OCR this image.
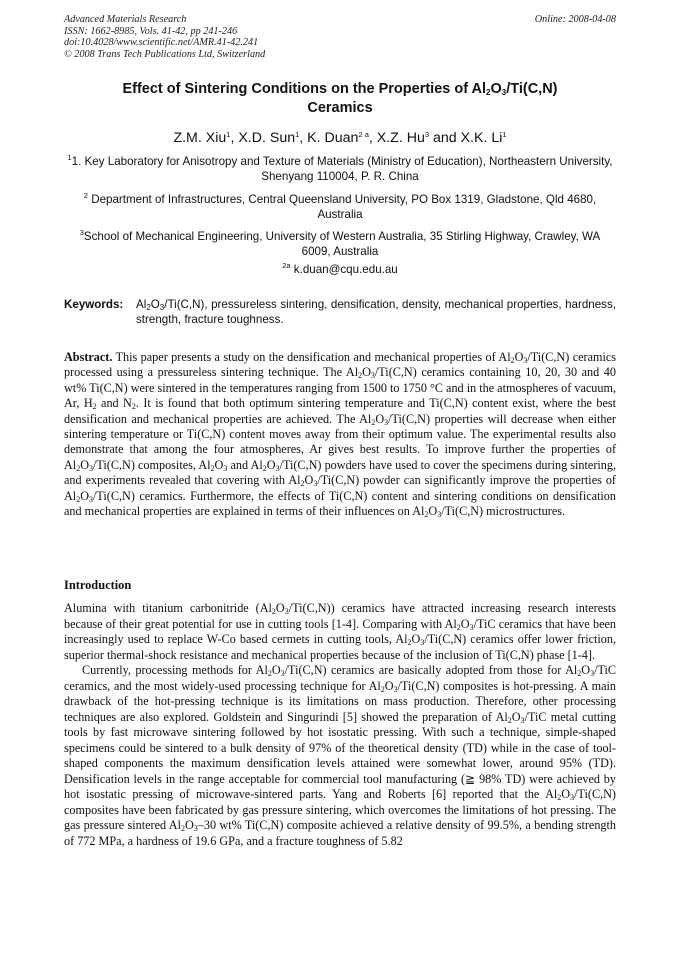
Advanced Materials Research
ISSN: 1662-8985, Vols. 41-42, pp 241-246
doi:10.4028/www.scientific.net/AMR.41-42.241
© 2008 Trans Tech Publications Ltd, Switzerland
Online: 2008-04-08
Effect of Sintering Conditions on the Properties of $Al_2O_3/Ti(C,N)$
Ceramics
Z.M. Xiu$^1$, X.D. Sun$^1$, K. Duan$^{2 a}$, X.Z. Hu$^3$ and X.K. Li$^1$
$^1$1. Key Laboratory for Anisotropy and Texture of Materials (Ministry of Education), Northeastern University, Shenyang 110004, P. R. China
$^2$ Department of Infrastructures, Central Queensland University, PO Box 1319, Gladstone, Qld 4680, Australia
$^3$School of Mechanical Engineering, University of Western Australia, 35 Stirling Highway, Crawley, WA 6009, Australia
$^{2a}$ k.duan@cqu.edu.au
Keywords: $Al_2O_3/Ti(C,N)$, pressureless sintering, densification, density, mechanical properties, hardness, strength, fracture toughness.
Abstract. This paper presents a study on the densification and mechanical properties of $Al_2O_3/Ti(C,N)$ ceramics processed using a pressureless sintering technique. The $Al_2O_3/Ti(C,N)$ ceramics containing 10, 20, 30 and 40 wt% Ti(C,N) were sintered in the temperatures ranging from 1500 to 1750 °C and in the atmospheres of vacuum, Ar, $H_2$ and $N_2$. It is found that both optimum sintering temperature and Ti(C,N) content exist, where the best densification and mechanical properties are achieved. The $Al_2O_3/Ti(C,N)$ properties will decrease when either sintering temperature or Ti(C,N) content moves away from their optimum value. The experimental results also demonstrate that among the four atmospheres, Ar gives best results. To improve further the properties of $Al_2O_3/Ti(C,N)$ composites, $Al_2O_3$ and $Al_2O_3/Ti(C,N)$ powders have used to cover the specimens during sintering, and experiments revealed that covering with $Al_2O_3/Ti(C,N)$ powder can significantly improve the properties of $Al_2O_3/Ti(C,N)$ ceramics. Furthermore, the effects of Ti(C,N) content and sintering conditions on densification and mechanical properties are explained in terms of their influences on $Al_2O_3/Ti(C,N)$ microstructures.
Introduction

Alumina with titanium carbonitride $(Al_2O_3/Ti(C,N))$ ceramics have attracted increasing research interests because of their great potential for use in cutting tools [1-4]. Comparing with $Al_2O_3$/TiC ceramics that have been increasingly used to replace W-Co based cermets in cutting tools, $Al_2O_3/Ti(C,N)$ ceramics offer lower friction, superior thermal-shock resistance and mechanical properties because of the inclusion of Ti(C,N) phase [1-4].

Currently, processing methods for $Al_2O_3/Ti(C,N)$ ceramics are basically adopted from those for $Al_2O_3$/TiC ceramics, and the most widely-used processing technique for $Al_2O_3/Ti(C,N)$ composites is hot-pressing. A main drawback of the hot-pressing technique is its limitations on mass production. Therefore, other processing techniques are also explored. Goldstein and Singurindi [5] showed the preparation of $Al_2O_3$/TiC metal cutting tools by fast microwave sintering followed by hot isostatic pressing. With such a technique, simple-shaped specimens could be sintered to a bulk density of 97% of the theoretical density (TD) while in the case of tool-shaped components the maximum densification levels attained were somewhat lower, around 95% (TD). Densification levels in the range acceptable for commercial tool manufacturing (≧ 98% TD) were achieved by hot isostatic pressing of microwave-sintered parts. Yang and Roberts [6] reported that the $Al_2O_3/Ti(C,N)$ composites have been fabricated by gas pressure sintering, which overcomes the limitations of hot pressing. The gas pressure sintered $Al_2O_3-30$ wt% Ti(C,N) composite achieved a relative density of 99.5%, a bending strength of 772 MPa, a hardness of 19.6 GPa, and a fracture toughness of 5.82
